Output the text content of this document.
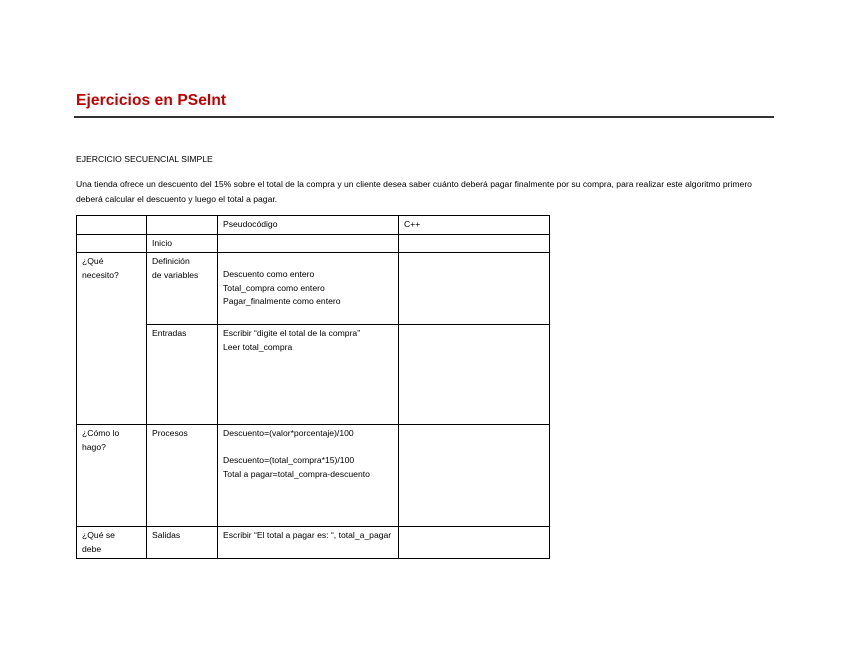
Ejercicios en PSeInt
EJERCICIO SECUENCIAL SIMPLE
Una tienda ofrece un descuento del 15% sobre el total de la compra y un cliente desea saber cuánto deberá pagar finalmente por su compra, para realizar este algoritmo primero deberá calcular el descuento y luego el total a pagar.
		Pseudocódigo	C++
	Inicio		
¿Qué
necesito?	Definición
de variables	Descuento como entero
Total_compra como entero
Pagar_finalmente como entero	
	Entradas	Escribir “digite el total de la compra”
Leer total_compra	
¿Cómo lo
hago?	Procesos	Descuento=(valor*porcentaje)/100

Descuento=(total_compra*15)/100
Total a pagar=total_compra-descuento	
¿Qué se
debe	Salidas	Escribir “El total a pagar es: “, total_a_pagar	
